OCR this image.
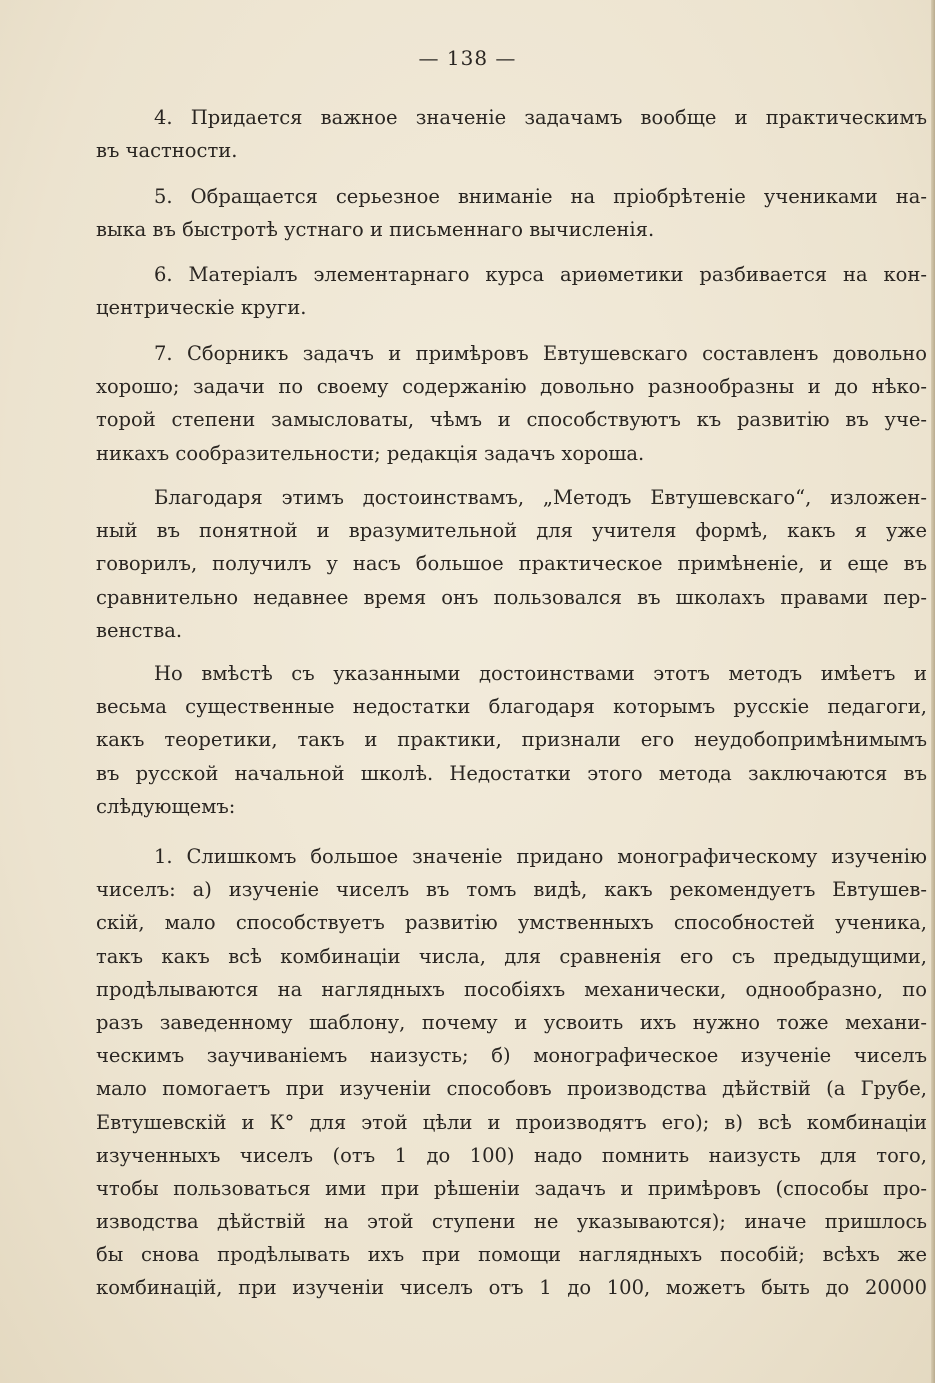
— 138 —
4. Придается важное значенiе задачамъ вообще и практическимъ
въ частности.
5. Обращается серьезное вниманiе на прiобрѣтенiе учениками на-
выка въ быстротѣ устнаго и письменнаго вычисленiя.
6. Матерiалъ элементарнаго курса ариѳметики разбивается на кон-
центрическiе круги.
7. Сборникъ задачъ и примѣровъ Евтушевскаго составленъ довольно
хорошо; задачи по своему содержанiю довольно разнообразны и до нѣко-
торой степени замысловаты, чѣмъ и способствуютъ къ развитiю въ уче-
никахъ сообразительности; редакцiя задачъ хороша.
Благодаря этимъ достоинствамъ, „Методъ Евтушевскаго“, изложен-
ный въ понятной и вразумительной для учителя формѣ, какъ я уже
говорилъ, получилъ у насъ большое практическое примѣненiе, и еще въ
сравнительно недавнее время онъ пользовался въ школахъ правами пер-
венства.
Но вмѣстѣ съ указанными достоинствами этотъ методъ имѣетъ и
весьма существенные недостатки благодаря которымъ русскiе педагоги,
какъ теоретики, такъ и практики, признали его неудобопримѣнимымъ
въ русской начальной школѣ. Недостатки этого метода заключаются въ
слѣдующемъ:
1. Слишкомъ большое значенiе придано монографическому изученiю
чиселъ: а) изученiе чиселъ въ томъ видѣ, какъ рекомендуетъ Евтушев-
скiй, мало способствуетъ развитiю умственныхъ способностей ученика,
такъ какъ всѣ комбинацiи числа, для сравненiя его съ предыдущими,
продѣлываются на наглядныхъ пособiяхъ механически, однообразно, по
разъ заведенному шаблону, почему и усвоить ихъ нужно тоже механи-
ческимъ заучиванiемъ наизусть; б) монографическое изученiе чиселъ
мало помогаетъ при изученiи способовъ производства дѣйствiй (а Грубе,
Евтушевскiй и К° для этой цѣли и производятъ его); в) всѣ комбинацiи
изученныхъ чиселъ (отъ 1 до 100) надо помнить наизусть для того,
чтобы пользоваться ими при рѣшенiи задачъ и примѣровъ (способы про-
изводства дѣйствiй на этой ступени не указываются); иначе пришлось
бы снова продѣлывать ихъ при помощи наглядныхъ пособiй; всѣхъ же
комбинацiй, при изученiи чиселъ отъ 1 до 100, можетъ быть до 20000
